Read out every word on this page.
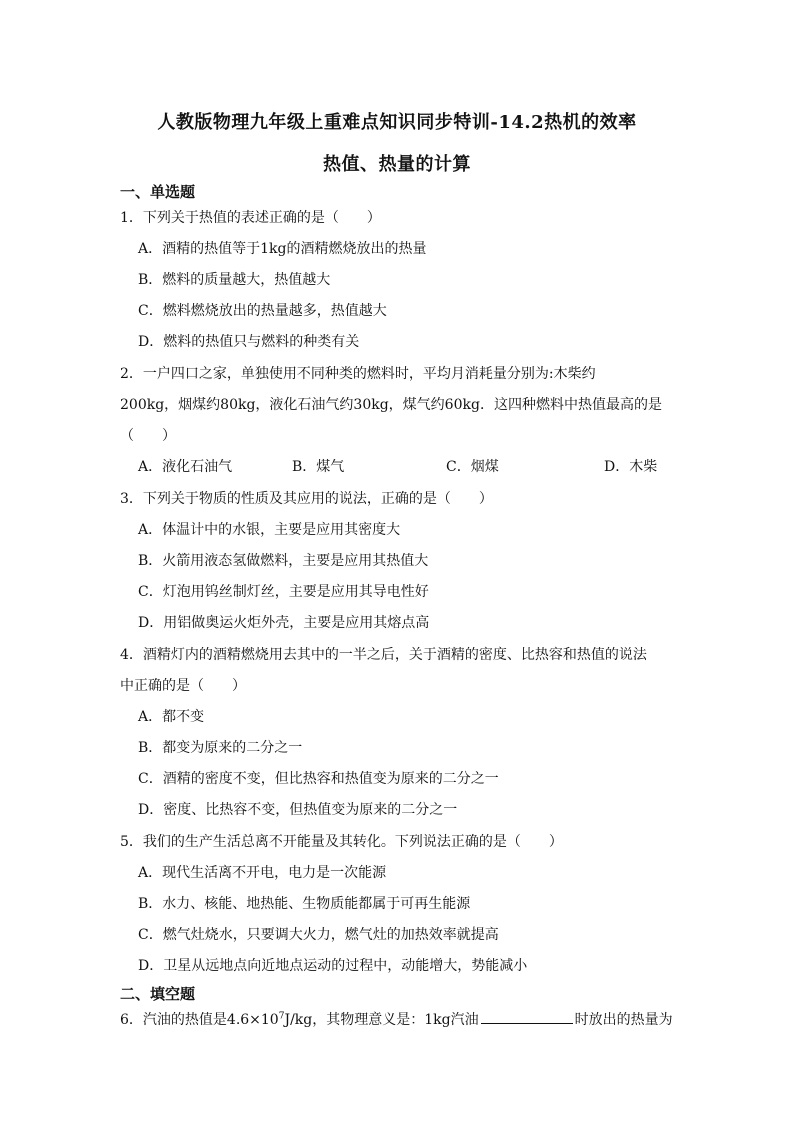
人教版物理九年级上重难点知识同步特训-14.2热机的效率
热值、热量的计算
一、单选题
1．下列关于热值的表述正确的是（　　）
A．酒精的热值等于1kg的酒精燃烧放出的热量
B．燃料的质量越大，热值越大
C．燃料燃烧放出的热量越多，热值越大
D．燃料的热值只与燃料的种类有关
2．一户四口之家，单独使用不同种类的燃料时，平均月消耗量分别为:木柴约
200kg，烟煤约80kg，液化石油气约30kg，煤气约60kg．这四种燃料中热值最高的是
（　　）
A．液化石油气	B．煤气	C．烟煤	D．木柴
3．下列关于物质的性质及其应用的说法，正确的是（　　）
A．体温计中的水银，主要是应用其密度大
B．火箭用液态氢做燃料，主要是应用其热值大
C．灯泡用钨丝制灯丝，主要是应用其导电性好
D．用铝做奥运火炬外壳，主要是应用其熔点高
4．酒精灯内的酒精燃烧用去其中的一半之后，关于酒精的密度、比热容和热值的说法
中正确的是（　　）
A．都不变
B．都变为原来的二分之一
C．酒精的密度不变，但比热容和热值变为原来的二分之一
D．密度、比热容不变，但热值变为原来的二分之一
5．我们的生产生活总离不开能量及其转化。下列说法正确的是（　　）
A．现代生活离不开电，电力是一次能源
B．水力、核能、地热能、生物质能都属于可再生能源
C．燃气灶烧水，只要调大火力，燃气灶的加热效率就提高
D．卫星从远地点向近地点运动的过程中，动能增大，势能减小
二、填空题
6．汽油的热值是$4.6\times 10^7J/kg$，其物理意义是：1kg汽油	时放出的热量为
